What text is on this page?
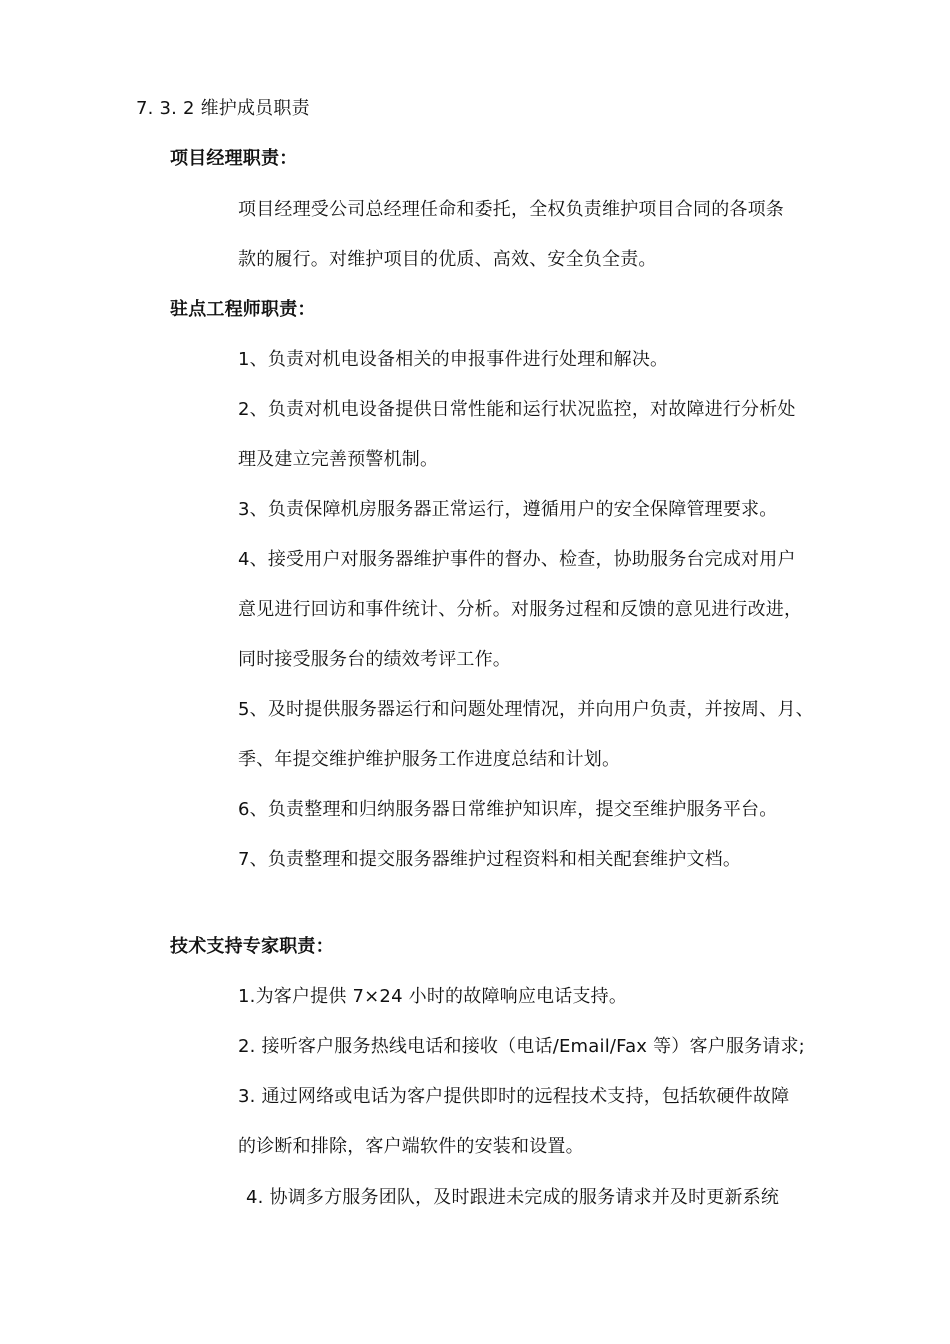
7. 3. 2 维护成员职责
项目经理职责：
项目经理受公司总经理任命和委托，全权负责维护项目合同的各项条
款的履行。对维护项目的优质、高效、安全负全责。
驻点工程师职责：
1、负责对机电设备相关的申报事件进行处理和解决。
2、负责对机电设备提供日常性能和运行状况监控，对故障进行分析处
理及建立完善预警机制。
3、负责保障机房服务器正常运行，遵循用户的安全保障管理要求。
4、接受用户对服务器维护事件的督办、检查，协助服务台完成对用户
意见进行回访和事件统计、分析。对服务过程和反馈的意见进行改进，
同时接受服务台的绩效考评工作。
5、及时提供服务器运行和问题处理情况，并向用户负责，并按周、月、
季、年提交维护维护服务工作进度总结和计划。
6、负责整理和归纳服务器日常维护知识库，提交至维护服务平台。
7、负责整理和提交服务器维护过程资料和相关配套维护文档。
技术支持专家职责：
1.为客户提供 7×24 小时的故障响应电话支持。
2. 接听客户服务热线电话和接收（电话/Email/Fax 等）客户服务请求;
3. 通过网络或电话为客户提供即时的远程技术支持，包括软硬件故障
的诊断和排除，客户端软件的安装和设置。
4. 协调多方服务团队，及时跟进未完成的服务请求并及时更新系统
